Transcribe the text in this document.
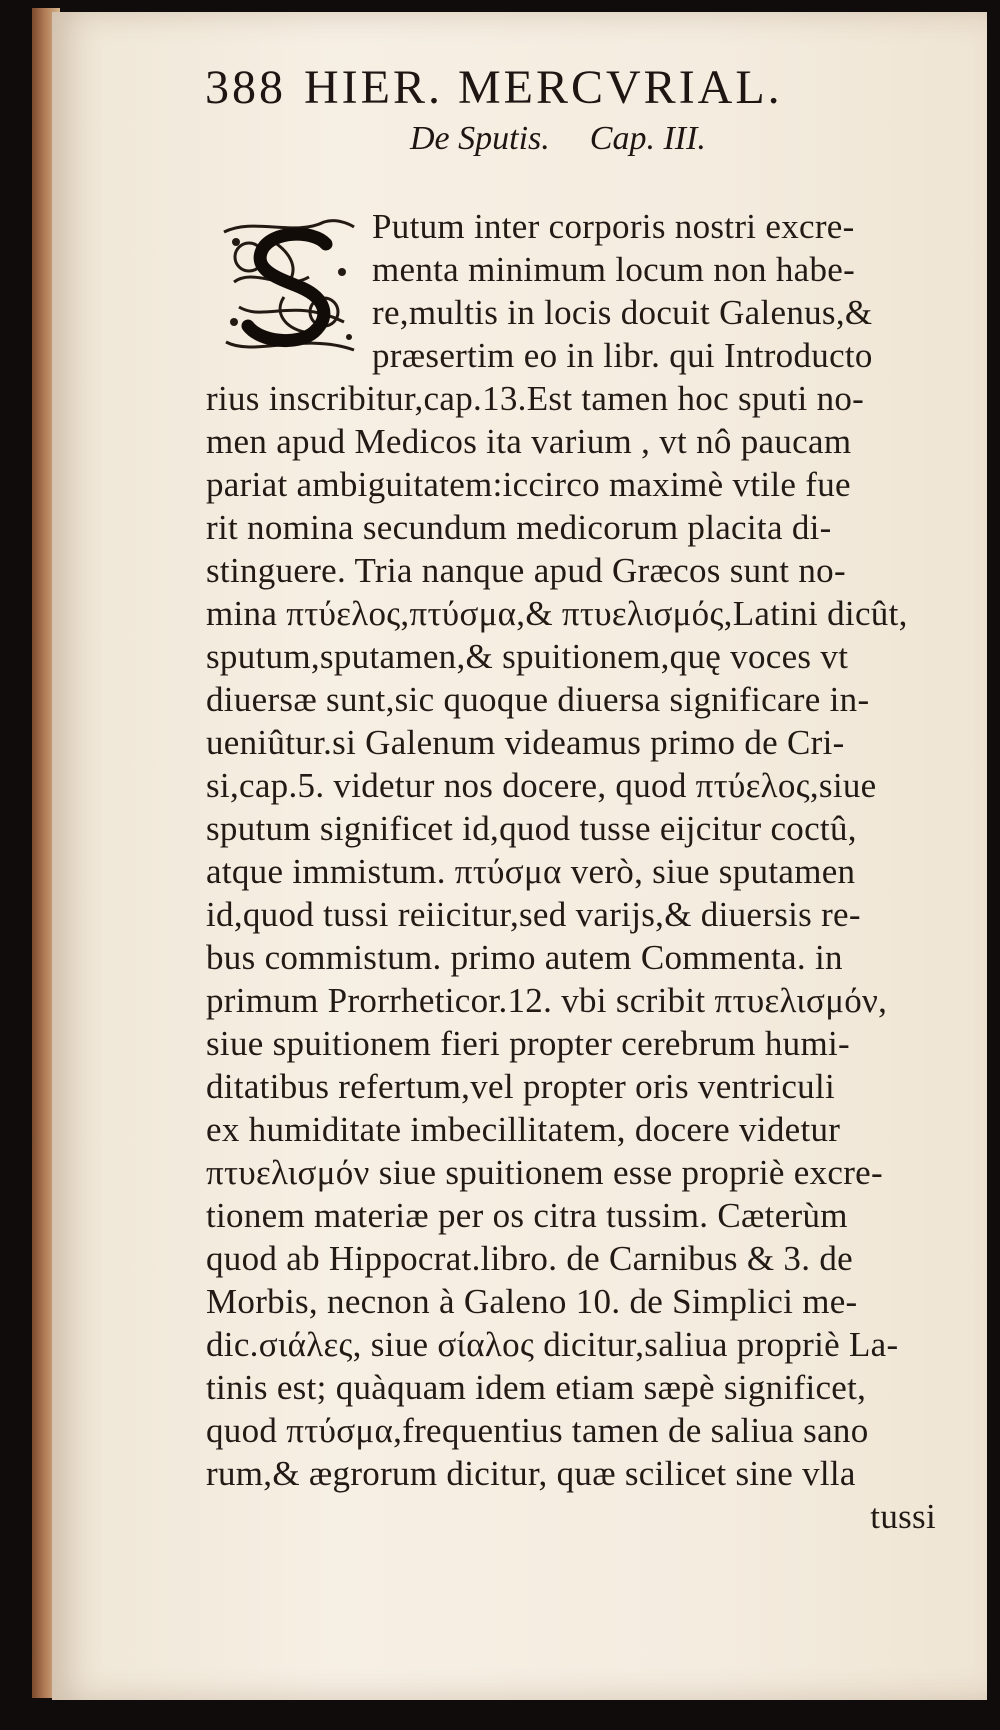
388 HIER. MERCVRIAL.
De Sputis. Cap. III.
Putum inter corporis nostri excre-
menta minimum locum non habe-
re,multis in locis docuit Galenus,&
præsertim eo in libr. qui Introducto
rius inscribitur,cap.13.Est tamen hoc sputi no-
men apud Medicos ita varium , vt nô paucam
pariat ambiguitatem:iccirco maximè vtile fue
rit nomina secundum medicorum placita di-
stinguere. Tria nanque apud Græcos sunt no-
mina πτύελος,πτύσμα,& πτυελισμός,Latini dicût,
sputum,sputamen,& spuitionem,quę voces vt
diuersæ sunt,sic quoque diuersa significare in-
ueniûtur.si Galenum videamus primo de Cri-
si,cap.5. videtur nos docere, quod πτύελος,siue
sputum significet id,quod tusse eijcitur coctû,
atque immistum. πτύσμα verò, siue sputamen
id,quod tussi reiicitur,sed varijs,& diuersis re-
bus commistum. primo autem Commenta. in
primum Prorrheticor.12. vbi scribit πτυελισμόν,
siue spuitionem fieri propter cerebrum humi-
ditatibus refertum,vel propter oris ventriculi
ex humiditate imbecillitatem, docere videtur
πτυελισμόν siue spuitionem esse propriè excre-
tionem materiæ per os citra tussim. Cæterùm
quod ab Hippocrat.libro. de Carnibus & 3. de
Morbis, necnon à Galeno 10. de Simplici me-
dic.σιάλες, siue σίαλος dicitur,saliua propriè La-
tinis est; quàquam idem etiam sæpè significet,
quod πτύσμα,frequentius tamen de saliua sano
rum,& ægrorum dicitur, quæ scilicet sine vlla
tussi
